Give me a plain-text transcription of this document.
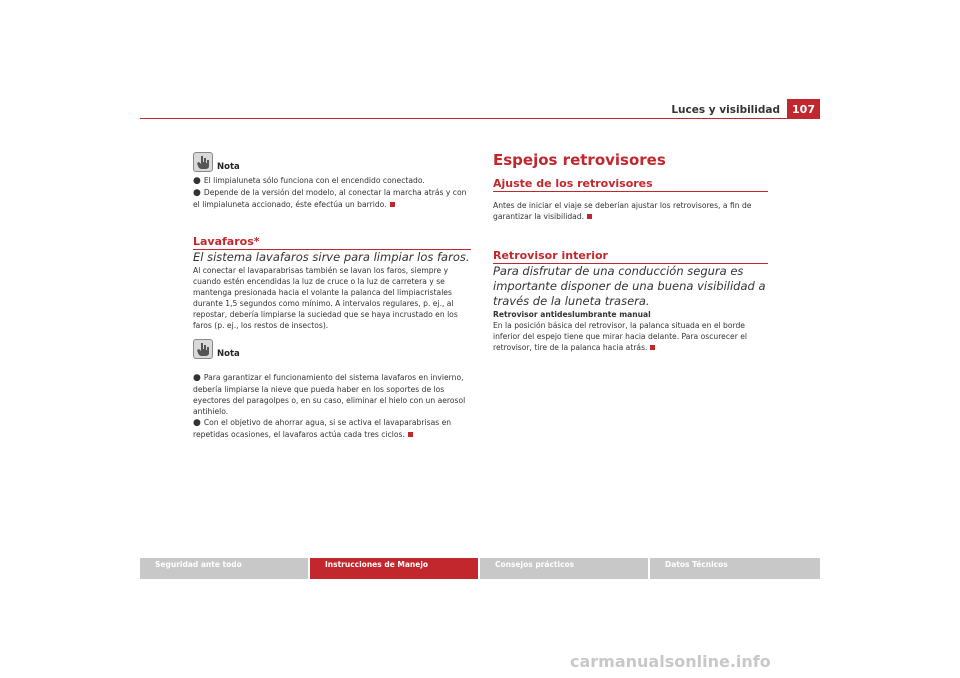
Luces y visibilidad	107
Nota

● El limpialuneta sólo funciona con el encendido conectado.

● Depende de la versión del modelo, al conectar la marcha atrás y con el limpialuneta accionado, éste efectúa un barrido.

Lavafaros*

El sistema lavafaros sirve para limpiar los faros.

Al conectar el lavaparabrisas también se lavan los faros, siempre y cuando estén encendidas la luz de cruce o la luz de carretera y se mantenga presionada hacia el volante la palanca del limpiacristales durante 1,5 segundos como mínimo. A intervalos regulares, p. ej., al repostar, debería limpiarse la suciedad que se haya incrustado en los faros (p. ej., los restos de insectos).

Nota

● Para garantizar el funcionamiento del sistema lavafaros en invierno, debería limpiarse la nieve que pueda haber en los soportes de los eyectores del paragolpes o, en su caso, eliminar el hielo con un aerosol antihielo.

● Con el objetivo de ahorrar agua, si se activa el lavaparabrisas en repetidas ocasiones, el lavafaros actúa cada tres ciclos.

Espejos retrovisores

Ajuste de los retrovisores

Antes de iniciar el viaje se deberían ajustar los retrovisores, a fin de garantizar la visibilidad.

Retrovisor interior

Para disfrutar de una conducción segura es importante disponer de una buena visibilidad a través de la luneta trasera.

Retrovisor antideslumbrante manual

En la posición básica del retrovisor, la palanca situada en el borde inferior del espejo tiene que mirar hacia delante. Para oscurecer el retrovisor, tire de la palanca hacia atrás.

Seguridad ante todo	Instrucciones de Manejo	Consejos prácticos	Datos Técnicos
carmanualsonline.info
